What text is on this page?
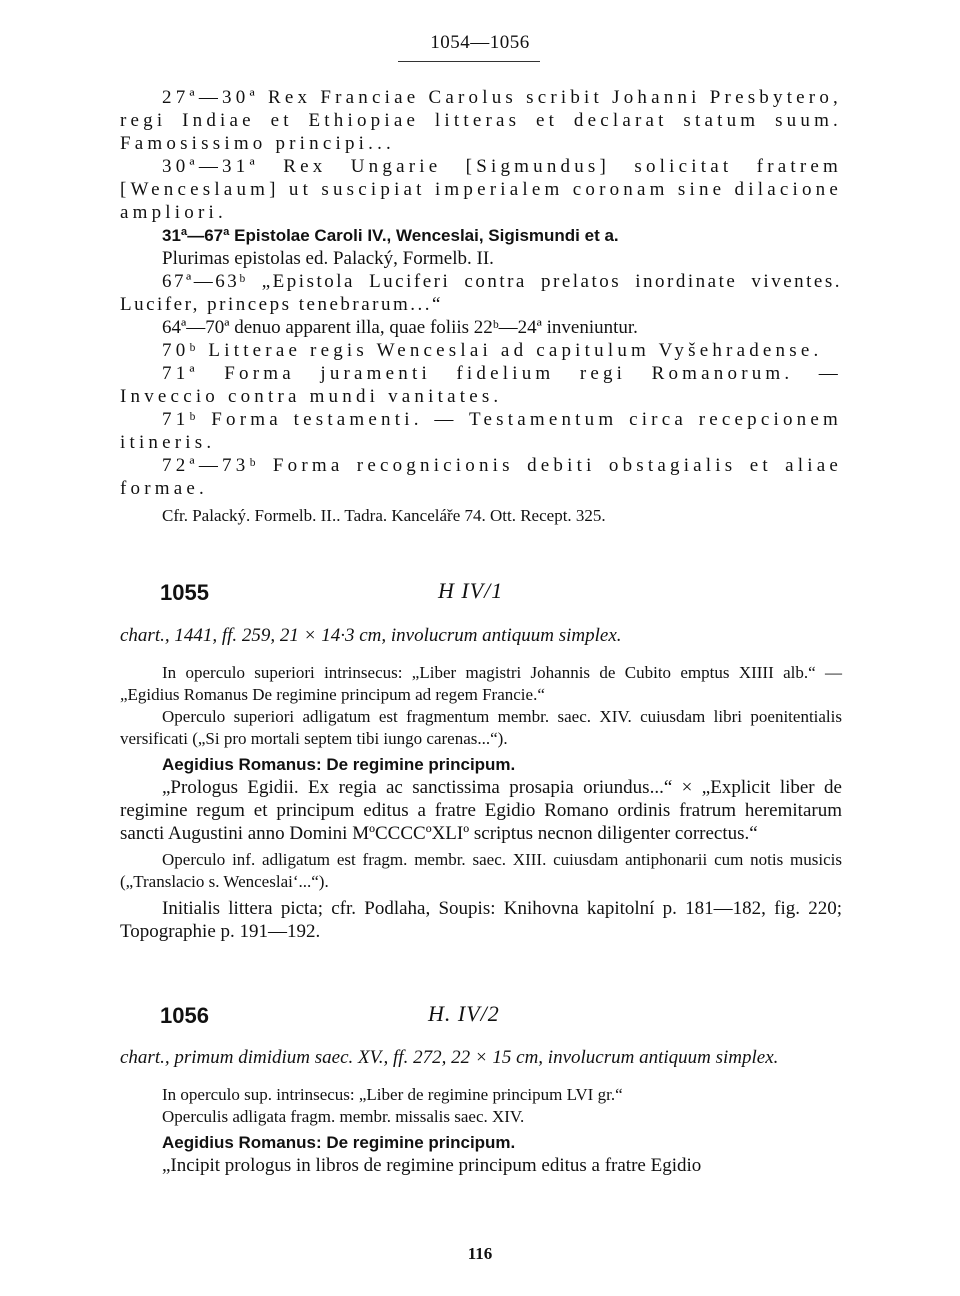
1054—1056

27ª—30ª Rex Franciae Carolus scribit Johanni Presbytero, regi Indiae et Ethiopiae litteras et declarat statum suum. Famosissimo principi...

30ª—31ª Rex Ungarie [Sigmundus] solicitat fratrem [Wenceslaum] ut suscipiat imperialem coronam sine dilacione ampliori.

31ª—67ª Epistolae Caroli IV., Wenceslai, Sigismundi et a.

Plurimas epistolas ed. Palacký, Formelb. II.

67ª—63ᵇ „Epistola Luciferi contra prelatos inordinate viventes. Lucifer, princeps tenebrarum...“

64ª—70ª denuo apparent illa, quae foliis 22ᵇ—24ª inveniuntur.

70ᵇ Litterae regis Wenceslai ad capitulum Vyšehradense.

71ª Forma juramenti fidelium regi Romanorum. — Inveccio contra mundi vanitates.

71ᵇ Forma testamenti. — Testamentum circa recepcionem itineris.

72ª—73ᵇ Forma recognicionis debiti obstagialis et aliae formae.

Cfr. Palacký. Formelb. II.. Tadra. Kanceláře 74. Ott. Recept. 325.

1055	H IV/1

chart., 1441, ff. 259, 21 × 14·3 cm, involucrum antiquum simplex.

In operculo superiori intrinsecus: „Liber magistri Johannis de Cubito emptus XIIII alb.“ — „Egidius Romanus De regimine principum ad regem Francie.“

Operculo superiori adligatum est fragmentum membr. saec. XIV. cuiusdam libri poenitentialis versificati („Si pro mortali septem tibi iungo carenas...“).

Aegidius Romanus: De regimine principum.

„Prologus Egidii. Ex regia ac sanctissima prosapia oriundus...“ × „Explicit liber de regimine regum et principum editus a fratre Egidio Romano ordinis fratrum heremitarum sancti Augustini anno Domini MºCCCCºXLIº scriptus necnon diligenter correctus.“

Operculo inf. adligatum est fragm. membr. saec. XIII. cuiusdam antiphonarii cum notis musicis („Translacio s. Wenceslai‘...“).

Initialis littera picta; cfr. Podlaha, Soupis: Knihovna kapitolní p. 181—182, fig. 220; Topographie p. 191—192.

1056	H. IV/2

chart., primum dimidium saec. XV., ff. 272, 22 × 15 cm, involucrum antiquum simplex.

In operculo sup. intrinsecus: „Liber de regimine principum LVI gr.“

Operculis adligata fragm. membr. missalis saec. XIV.

Aegidius Romanus: De regimine principum.

„Incipit prologus in libros de regimine principum editus a fratre Egidio

116
